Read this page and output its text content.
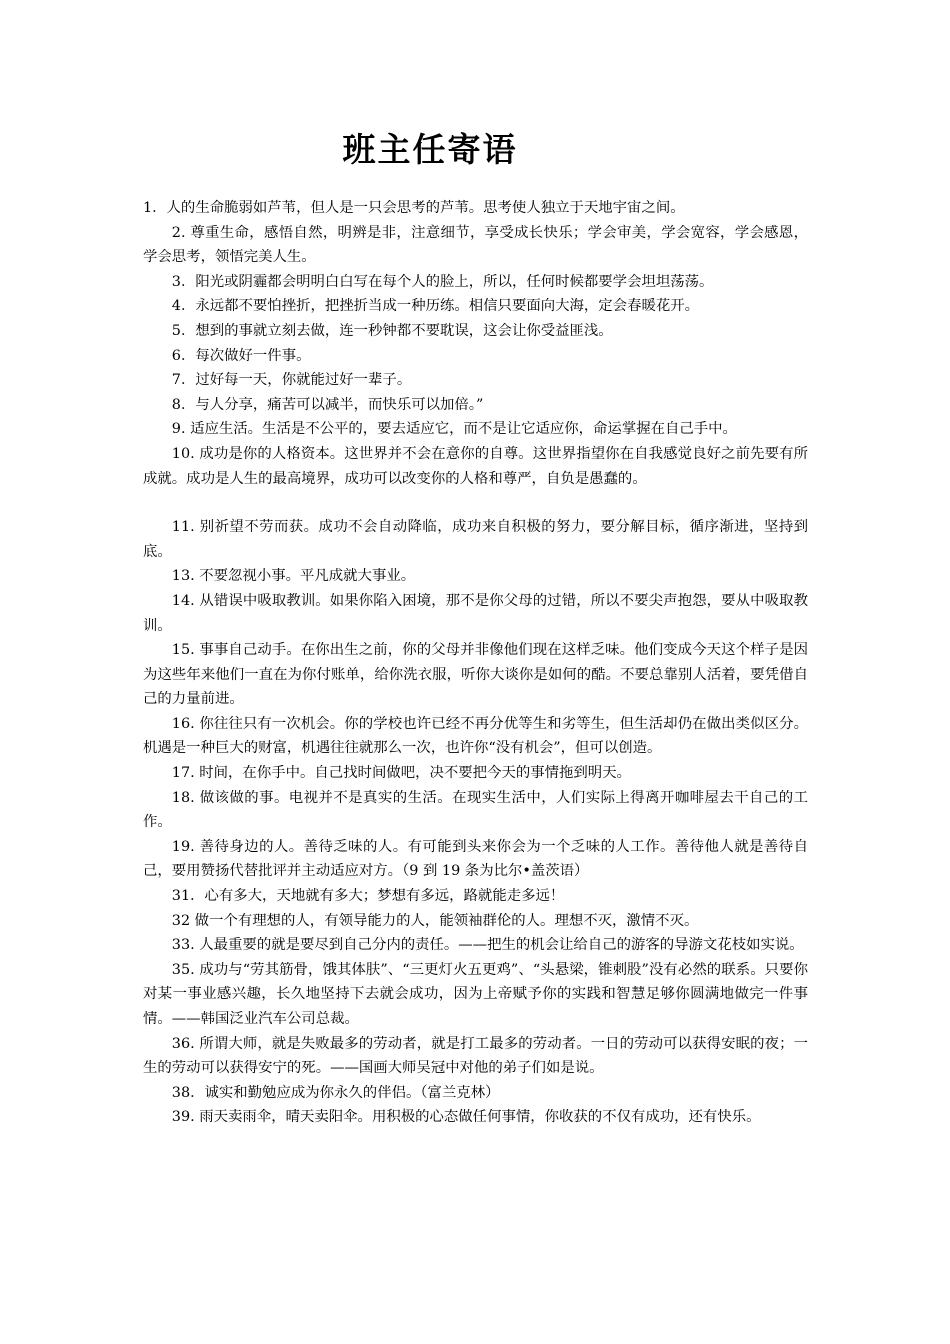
班主任寄语

1．人的生命脆弱如芦苇，但人是一只会思考的芦苇。思考使人独立于天地宇宙之间。

2. 尊重生命，感悟自然，明辨是非，注意细节，享受成长快乐；学会审美，学会宽容，学会感恩，学会思考，领悟完美人生。

3．阳光或阴霾都会明明白白写在每个人的脸上，所以，任何时候都要学会坦坦荡荡。

4．永远都不要怕挫折，把挫折当成一种历练。相信只要面向大海，定会春暖花开。

5．想到的事就立刻去做，连一秒钟都不要耽误，这会让你受益匪浅。

6．每次做好一件事。

7．过好每一天，你就能过好一辈子。

8．与人分享，痛苦可以减半，而快乐可以加倍。”

9. 适应生活。生活是不公平的，要去适应它，而不是让它适应你，命运掌握在自己手中。

10. 成功是你的人格资本。这世界并不会在意你的自尊。这世界指望你在自我感觉良好之前先要有所成就。成功是人生的最高境界，成功可以改变你的人格和尊严，自负是愚蠢的。

11. 别祈望不劳而获。成功不会自动降临，成功来自积极的努力，要分解目标，循序渐进，坚持到底。

13. 不要忽视小事。平凡成就大事业。

14. 从错误中吸取教训。如果你陷入困境，那不是你父母的过错，所以不要尖声抱怨，要从中吸取教训。

15. 事事自己动手。在你出生之前，你的父母并非像他们现在这样乏味。他们变成今天这个样子是因为这些年来他们一直在为你付账单，给你洗衣服，听你大谈你是如何的酷。不要总靠别人活着，要凭借自己的力量前进。

16. 你往往只有一次机会。你的学校也许已经不再分优等生和劣等生，但生活却仍在做出类似区分。机遇是一种巨大的财富，机遇往往就那么一次，也许你“没有机会”，但可以创造。

17. 时间，在你手中。自己找时间做吧，决不要把今天的事情拖到明天。

18. 做该做的事。电视并不是真实的生活。在现实生活中，人们实际上得离开咖啡屋去干自己的工作。

19. 善待身边的人。善待乏味的人。有可能到头来你会为一个乏味的人工作。善待他人就是善待自己，要用赞扬代替批评并主动适应对方。（9 到 19 条为比尔•盖茨语）

31．心有多大，天地就有多大；梦想有多远，路就能走多远！

32 做一个有理想的人，有领导能力的人，能领袖群伦的人。理想不灭，激情不灭。

33. 人最重要的就是要尽到自己分内的责任。——把生的机会让给自己的游客的导游文花枝如实说。

35. 成功与“劳其筋骨，饿其体肤”、“三更灯火五更鸡”、“头悬梁，锥刺股”没有必然的联系。只要你对某一事业感兴趣，长久地坚持下去就会成功，因为上帝赋予你的实践和智慧足够你圆满地做完一件事情。——韩国泛业汽车公司总裁。

36. 所谓大师，就是失败最多的劳动者，就是打工最多的劳动者。一日的劳动可以获得安眠的夜；一生的劳动可以获得安宁的死。——国画大师吴冠中对他的弟子们如是说。

38．诚实和勤勉应成为你永久的伴侣。（富兰克林）

39. 雨天卖雨伞，晴天卖阳伞。用积极的心态做任何事情，你收获的不仅有成功，还有快乐。
